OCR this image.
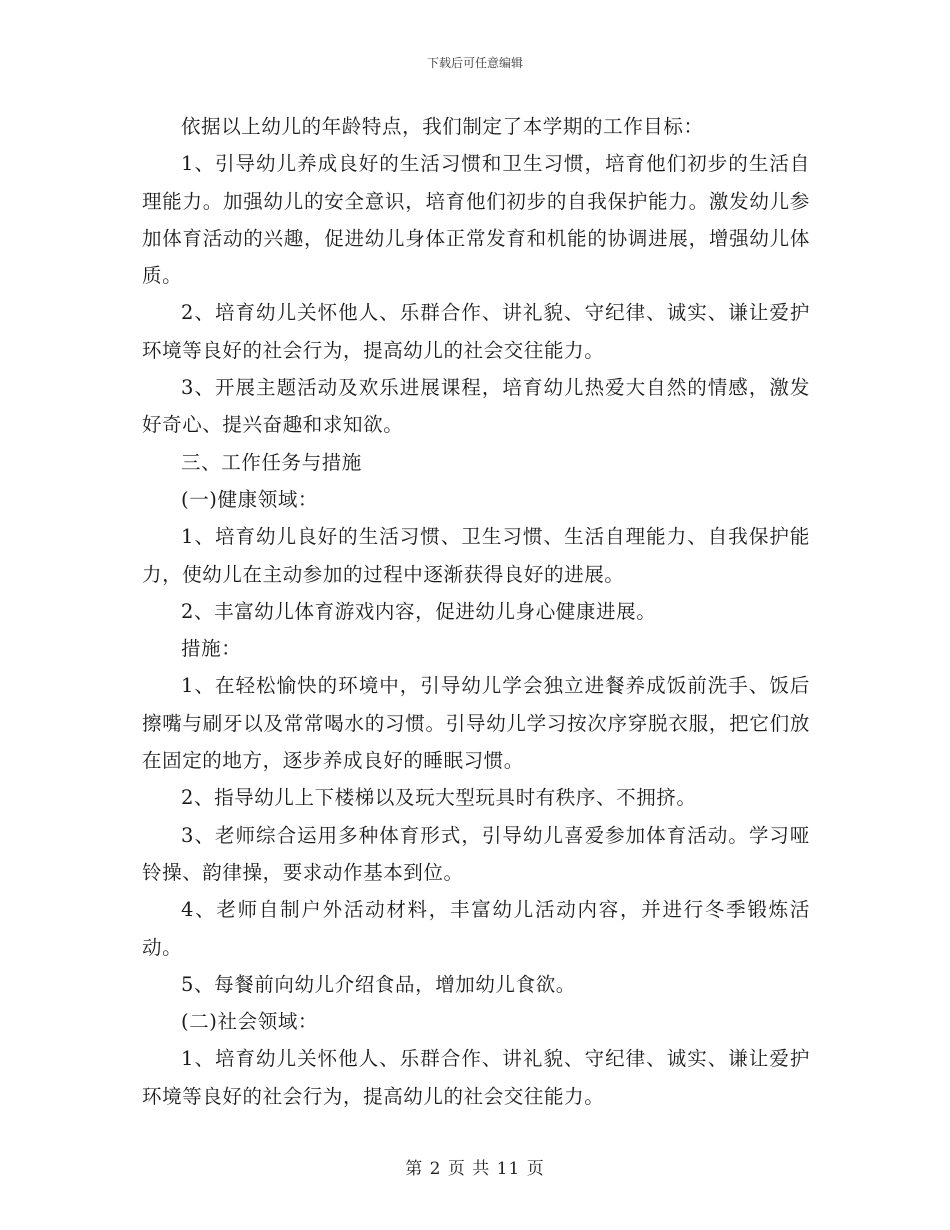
下载后可任意编辑

依据以上幼儿的年龄特点，我们制定了本学期的工作目标：

1、引导幼儿养成良好的生活习惯和卫生习惯，培育他们初步的生活自理能力。加强幼儿的安全意识，培育他们初步的自我保护能力。激发幼儿参加体育活动的兴趣，促进幼儿身体正常发育和机能的协调进展，增强幼儿体质。

2、培育幼儿关怀他人、乐群合作、讲礼貌、守纪律、诚实、谦让爱护环境等良好的社会行为，提高幼儿的社会交往能力。

3、开展主题活动及欢乐进展课程，培育幼儿热爱大自然的情感，激发好奇心、提兴奋趣和求知欲。

三、工作任务与措施

(一)健康领域：

1、培育幼儿良好的生活习惯、卫生习惯、生活自理能力、自我保护能力，使幼儿在主动参加的过程中逐渐获得良好的进展。

2、丰富幼儿体育游戏内容，促进幼儿身心健康进展。

措施：

1、在轻松愉快的环境中，引导幼儿学会独立进餐养成饭前洗手、饭后擦嘴与刷牙以及常常喝水的习惯。引导幼儿学习按次序穿脱衣服，把它们放在固定的地方，逐步养成良好的睡眠习惯。

2、指导幼儿上下楼梯以及玩大型玩具时有秩序、不拥挤。

3、老师综合运用多种体育形式，引导幼儿喜爱参加体育活动。学习哑铃操、韵律操，要求动作基本到位。

4、老师自制户外活动材料，丰富幼儿活动内容，并进行冬季锻炼活动。

5、每餐前向幼儿介绍食品，增加幼儿食欲。

(二)社会领域：

1、培育幼儿关怀他人、乐群合作、讲礼貌、守纪律、诚实、谦让爱护环境等良好的社会行为，提高幼儿的社会交往能力。

第 2 页 共 11 页
